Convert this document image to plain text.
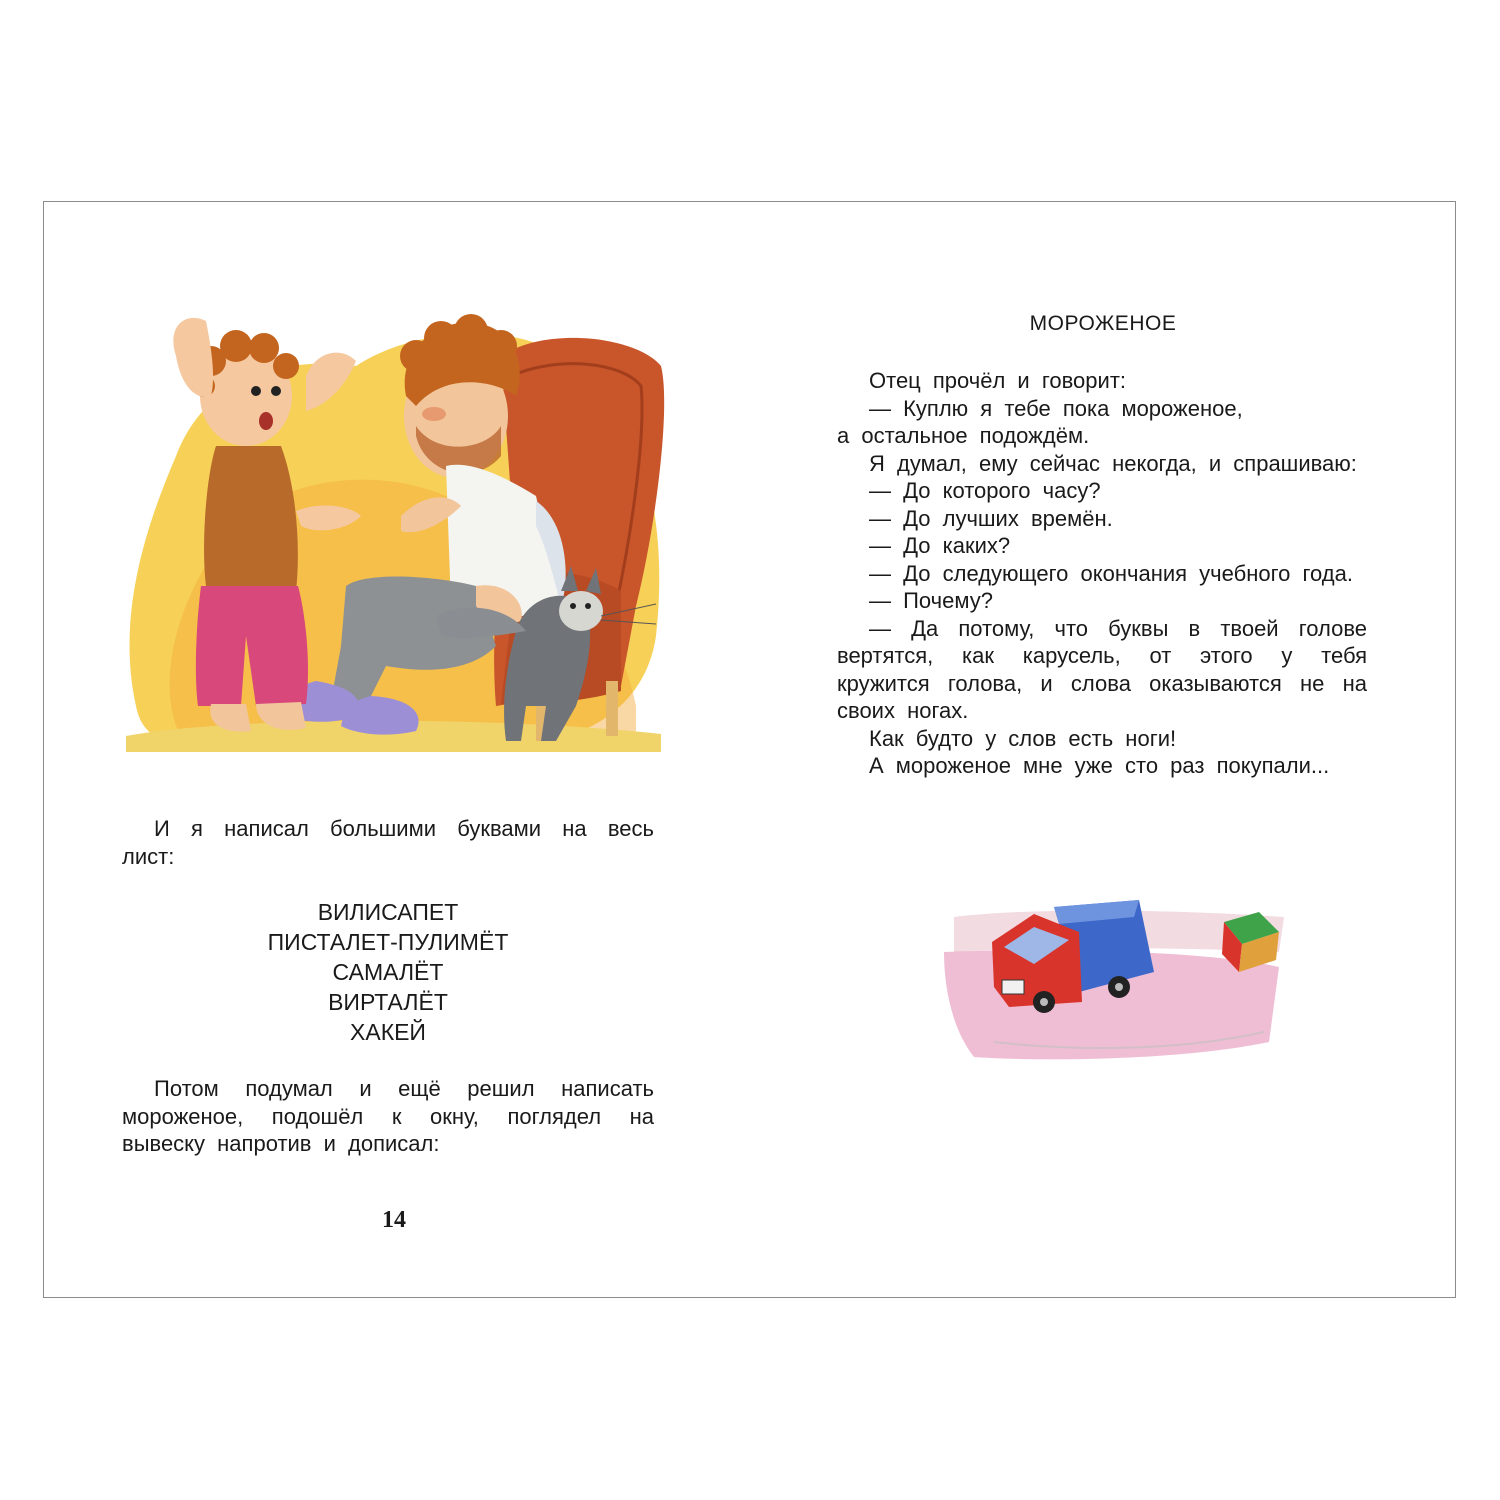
И я написал большими буквами на весь лист:

ВИЛИСАПЕТ
ПИСТАЛЕТ-ПУЛИМЁТ
САМАЛЁТ
ВИРТАЛЁТ
ХАКЕЙ

Потом подумал и ещё решил написать мороженое, подошёл к окну, поглядел на вывеску напротив и дописал:

14
МОРОЖЕНОЕ

Отец прочёл и говорит:

— Куплю я тебе пока мороженое,

а остальное подождём.

Я думал, ему сейчас некогда, и спрашиваю:

— До которого часу?

— До лучших времён.

— До каких?

— До следующего окончания учебного года.

— Почему?

— Да потому, что буквы в твоей голове вертятся, как карусель, от этого у тебя кружится голова, и слова оказываются не на своих ногах.

Как будто у слов есть ноги!

А мороженое мне уже сто раз покупали...
